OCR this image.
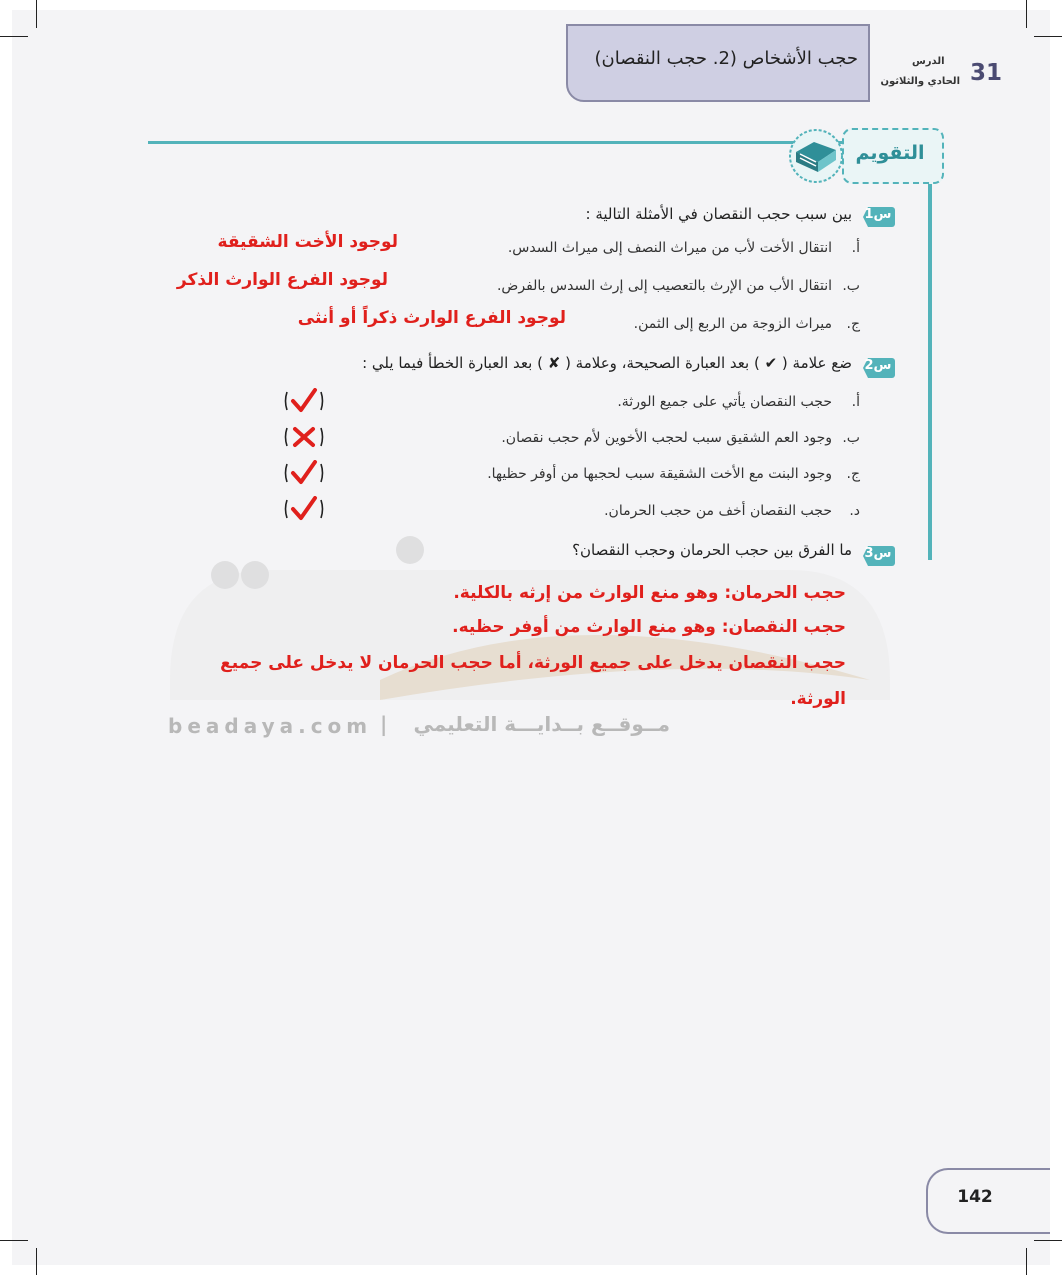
حجب الأشخاص (2. حجب النقصان)	الدرس
الحادي والثلاثون 31
التقويم
س1
بين سبب حجب النقصان في الأمثلة التالية :
أ.
انتقال الأخت لأب من ميراث النصف إلى ميراث السدس.
لوجود الأخت الشقيقة
ب.
انتقال الأب من الإرث بالتعصيب إلى إرث السدس بالفرض.
لوجود الفرع الوارث الذكر
ج.
ميراث الزوجة من الربع إلى الثمن.
لوجود الفرع الوارث ذكراً أو أنثى
س2
ضع علامة ( ✔ ) بعد العبارة الصحيحة، وعلامة ( ✘ ) بعد العبارة الخطأ فيما يلي :
أ.
حجب النقصان يأتي على جميع الورثة.
ب.
وجود العم الشقيق سبب لحجب الأخوين لأم حجب نقصان.
ج.
وجود البنت مع الأخت الشقيقة سبب لحجبها من أوفر حظيها.
د.
حجب النقصان أخف من حجب الحرمان.
س3
ما الفرق بين حجب الحرمان وحجب النقصان؟
beadaya.com |	مــوقــع بــدايـــة التعليمي
حجب الحرمان: وهو منع الوارث من إرثه بالكلية.
حجب النقصان: وهو منع الوارث من أوفر حظيه.
حجب النقصان يدخل على جميع الورثة، أما حجب الحرمان لا يدخل على جميع
الورثة.
142
